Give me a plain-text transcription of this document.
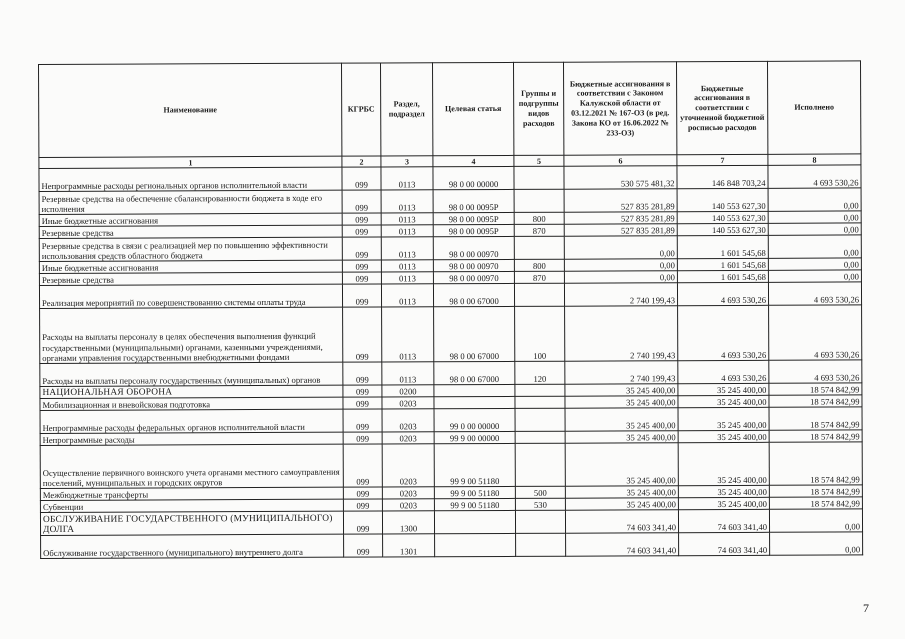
Наименование	КГРБС	Раздел, подраздел	Целевая статья	Группы и подгруппы видов расходов	Бюджетные ассигнования в соответствии с Законом Калужской области от 03.12.2021 № 167-ОЗ (в ред. Закона КО от 16.06.2022 № 233-ОЗ)	Бюджетные ассигнования в соответствии с уточненной бюджетной росписью расходов	Исполнено
1	2	3	4	5	6	7	8
Непрограммные расходы региональных органов исполнительной власти	099	0113	98 0 00 00000		530 575 481,32	146 848 703,24	4 693 530,26
Резервные средства на обеспечение сбалансированности бюджета в ходе его исполнения	099	0113	98 0 00 0095P		527 835 281,89	140 553 627,30	0,00
Иные бюджетные ассигнования	099	0113	98 0 00 0095P	800	527 835 281,89	140 553 627,30	0,00
Резервные средства	099	0113	98 0 00 0095P	870	527 835 281,89	140 553 627,30	0,00
Резервные средства в связи с реализацией мер по повышению эффективности использования средств областного бюджета	099	0113	98 0 00 00970		0,00	1 601 545,68	0,00
Иные бюджетные ассигнования	099	0113	98 0 00 00970	800	0,00	1 601 545,68	0,00
Резервные средства	099	0113	98 0 00 00970	870	0,00	1 601 545,68	0,00
Реализация мероприятий по совершенствованию системы оплаты труда	099	0113	98 0 00 67000		2 740 199,43	4 693 530,26	4 693 530,26
Расходы на выплаты персоналу в целях обеспечения выполнения функций государственными (муниципальными) органами, казенными учреждениями, органами управления государственными внебюджетными фондами	099	0113	98 0 00 67000	100	2 740 199,43	4 693 530,26	4 693 530,26
Расходы на выплаты персоналу государственных (муниципальных) органов	099	0113	98 0 00 67000	120	2 740 199,43	4 693 530,26	4 693 530,26
НАЦИОНАЛЬНАЯ ОБОРОНА	099	0200			35 245 400,00	35 245 400,00	18 574 842,99
Мобилизационная и вневойсковая подготовка	099	0203			35 245 400,00	35 245 400,00	18 574 842,99
Непрограммные расходы федеральных органов исполнительной власти	099	0203	99 0 00 00000		35 245 400,00	35 245 400,00	18 574 842,99
Непрограммные расходы	099	0203	99 9 00 00000		35 245 400,00	35 245 400,00	18 574 842,99
Осуществление первичного воинского учета органами местного самоуправления поселений, муниципальных и городских округов	099	0203	99 9 00 51180		35 245 400,00	35 245 400,00	18 574 842,99
Межбюджетные трансферты	099	0203	99 9 00 51180	500	35 245 400,00	35 245 400,00	18 574 842,99
Субвенции	099	0203	99 9 00 51180	530	35 245 400,00	35 245 400,00	18 574 842,99
ОБСЛУЖИВАНИЕ ГОСУДАРСТВЕННОГО (МУНИЦИПАЛЬНОГО) ДОЛГА	099	1300			74 603 341,40	74 603 341,40	0,00
Обслуживание государственного (муниципального) внутреннего долга	099	1301			74 603 341,40	74 603 341,40	0,00
7
